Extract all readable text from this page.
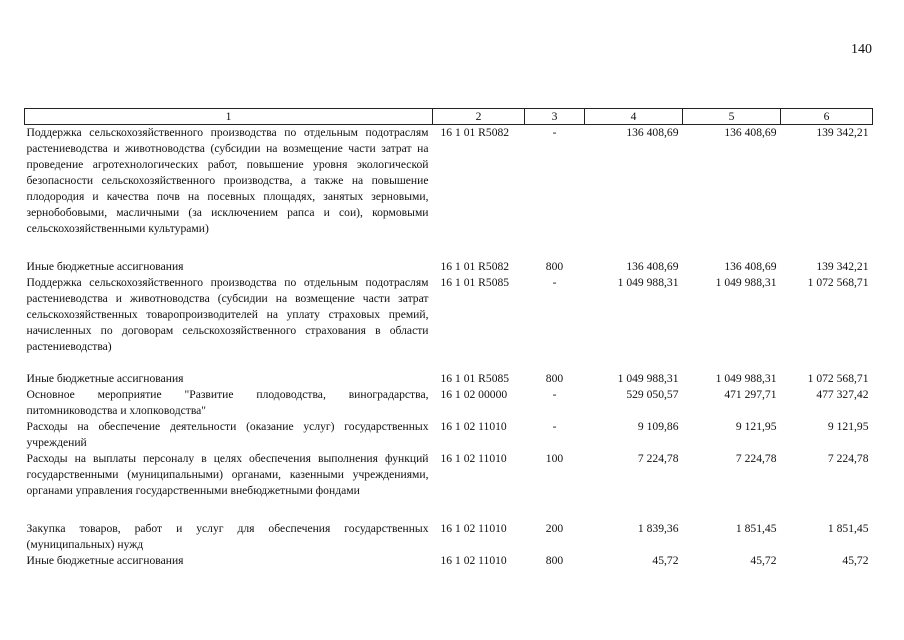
140
1	2	3	4	5	6
Поддержка сельскохозяйственного производства по отдельным подотраслям растениеводства и животноводства (субсидии на возмещение части затрат на проведение агротехнологических работ, повышение уровня экологической безопасности сельскохозяйственного производства, а также на повышение плодородия и качества почв на посевных площадях, занятых зерновыми, зернобобовыми, масличными (за исключением рапса и сои), кормовыми сельскохозяйственными культурами)	16 1 01 R5082	-	136 408,69	136 408,69	139 342,21
Иные бюджетные ассигнования	16 1 01 R5082	800	136 408,69	136 408,69	139 342,21
Поддержка сельскохозяйственного производства по отдельным подотраслям растениеводства и животноводства (субсидии на возмещение части затрат сельскохозяйственных товаропроизводителей на уплату страховых премий, начисленных по договорам сельскохозяйственного страхования в области растениеводства)	16 1 01 R5085	-	1 049 988,31	1 049 988,31	1 072 568,71
Иные бюджетные ассигнования	16 1 01 R5085	800	1 049 988,31	1 049 988,31	1 072 568,71
Основное мероприятие "Развитие плодоводства, виноградарства, питомниководства и хлопководства"	16 1 02 00000	-	529 050,57	471 297,71	477 327,42
Расходы на обеспечение деятельности (оказание услуг) государственных учреждений	16 1 02 11010	-	9 109,86	9 121,95	9 121,95
Расходы на выплаты персоналу в целях обеспечения выполнения функций государственными (муниципальными) органами, казенными учреждениями, органами управления государственными внебюджетными фондами	16 1 02 11010	100	7 224,78	7 224,78	7 224,78
Закупка товаров, работ и услуг для обеспечения государственных (муниципальных) нужд	16 1 02 11010	200	1 839,36	1 851,45	1 851,45
Иные бюджетные ассигнования	16 1 02 11010	800	45,72	45,72	45,72
